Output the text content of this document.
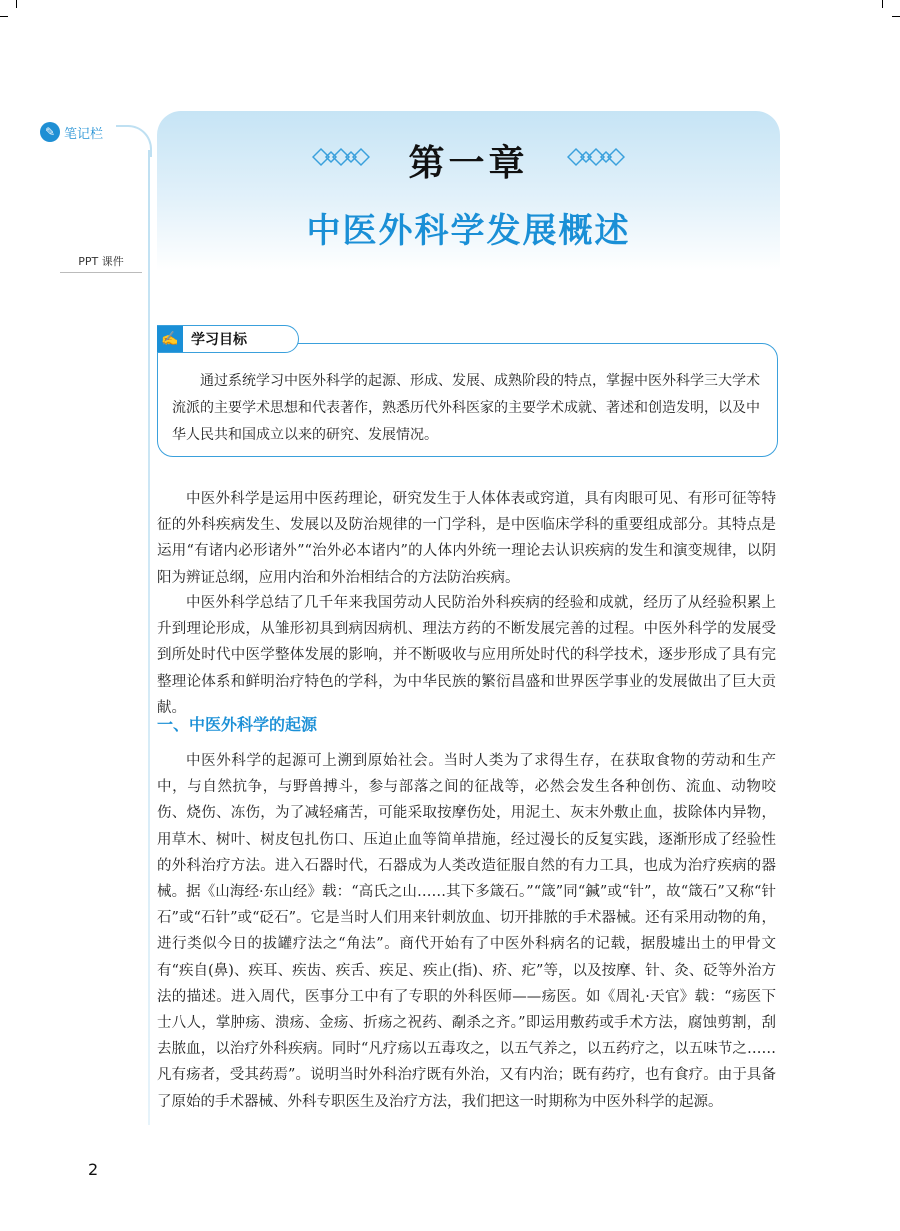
✎ 笔记栏
PPT 课件
第一章
中医外科学发展概述

通过系统学习中医外科学的起源、形成、发展、成熟阶段的特点，掌握中医外科学三大学术流派的主要学术思想和代表著作，熟悉历代外科医家的主要学术成就、著述和创造发明，以及中华人民共和国成立以来的研究、发展情况。

✍ 学习目标

中医外科学是运用中医药理论，研究发生于人体体表或窍道，具有肉眼可见、有形可征等特征的外科疾病发生、发展以及防治规律的一门学科，是中医临床学科的重要组成部分。其特点是运用“有诸内必形诸外”“治外必本诸内”的人体内外统一理论去认识疾病的发生和演变规律，以阴阳为辨证总纲，应用内治和外治相结合的方法防治疾病。

中医外科学总结了几千年来我国劳动人民防治外科疾病的经验和成就，经历了从经验积累上升到理论形成，从雏形初具到病因病机、理法方药的不断发展完善的过程。中医外科学的发展受到所处时代中医学整体发展的影响，并不断吸收与应用所处时代的科学技术，逐步形成了具有完整理论体系和鲜明治疗特色的学科，为中华民族的繁衍昌盛和世界医学事业的发展做出了巨大贡献。

一、中医外科学的起源

中医外科学的起源可上溯到原始社会。当时人类为了求得生存，在获取食物的劳动和生产中，与自然抗争，与野兽搏斗，参与部落之间的征战等，必然会发生各种创伤、流血、动物咬伤、烧伤、冻伤，为了减轻痛苦，可能采取按摩伤处，用泥土、灰末外敷止血，拔除体内异物，用草木、树叶、树皮包扎伤口、压迫止血等简单措施，经过漫长的反复实践，逐渐形成了经验性的外科治疗方法。进入石器时代，石器成为人类改造征服自然的有力工具，也成为治疗疾病的器械。据《山海经·东山经》载：“高氏之山……其下多箴石。”“箴”同“鍼”或“针”，故“箴石”又称“针石”或“石针”或“砭石”。它是当时人们用来针刺放血、切开排脓的手术器械。还有采用动物的角，进行类似今日的拔罐疗法之“角法”。商代开始有了中医外科病名的记载，据殷墟出土的甲骨文有“疾自(鼻)、疾耳、疾齿、疾舌、疾足、疾止(指)、疥、疕”等，以及按摩、针、灸、砭等外治方法的描述。进入周代，医事分工中有了专职的外科医师——疡医。如《周礼·天官》载：“疡医下士八人，掌肿疡、溃疡、金疡、折疡之祝药、劀杀之齐。”即运用敷药或手术方法，腐蚀剪割，刮去脓血，以治疗外科疾病。同时“凡疗疡以五毒攻之，以五气养之，以五药疗之，以五味节之……凡有疡者，受其药焉”。说明当时外科治疗既有外治，又有内治；既有药疗，也有食疗。由于具备了原始的手术器械、外科专职医生及治疗方法，我们把这一时期称为中医外科学的起源。

2
